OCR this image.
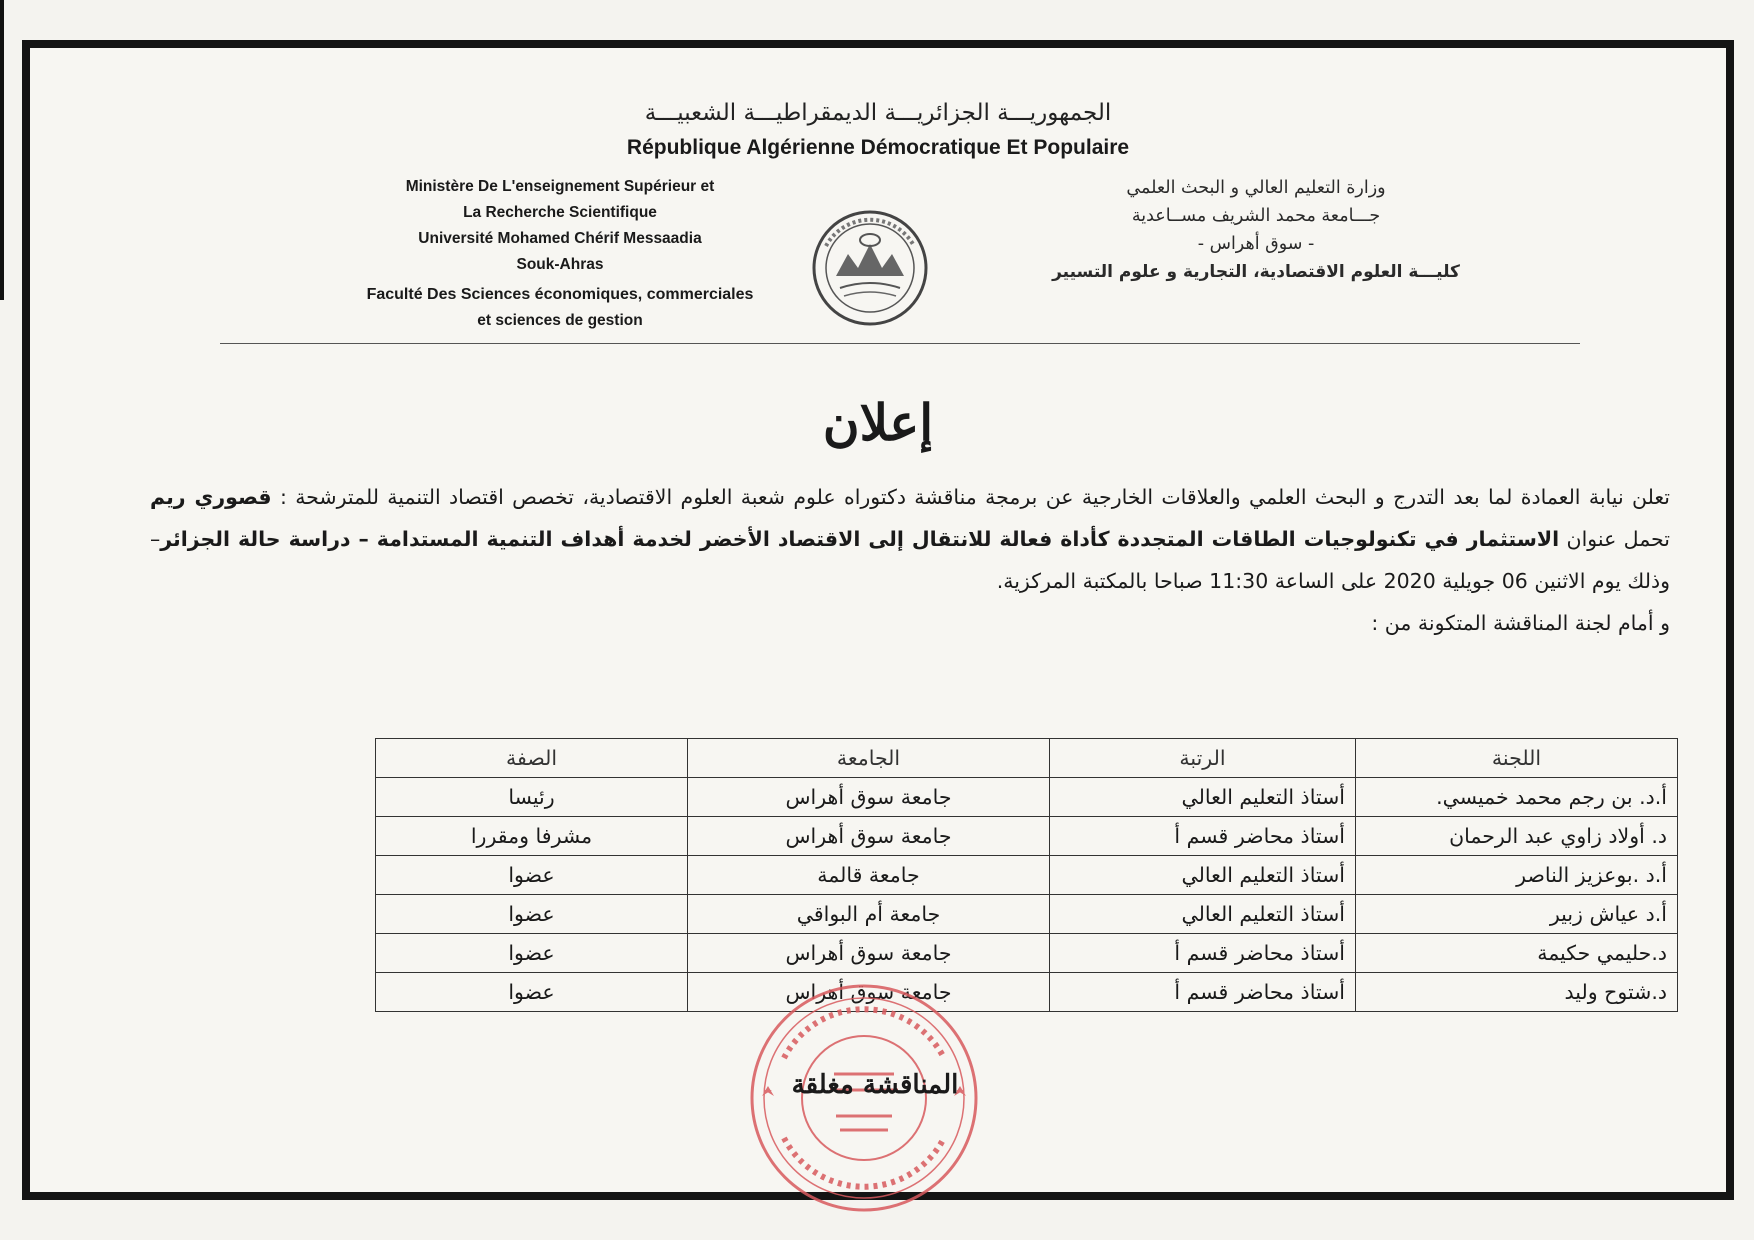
الجمهوريـــة الجزائريـــة الديمقراطيـــة الشعبيـــة
République Algérienne Démocratique Et Populaire
Ministère De L'enseignement Supérieur et
La Recherche Scientifique
Université Mohamed Chérif Messaadia
Souk-Ahras
Faculté Des Sciences économiques, commerciales
et sciences de gestion
وزارة التعليم العالي و البحث العلمي
جـــامعة محمد الشريف مســاعدية
- سوق أهراس -
كليـــة العلوم الاقتصادية، التجارية و علوم التسيير
إعلان

تعلن نيابة العمادة لما بعد التدرج و البحث العلمي والعلاقات الخارجية عن برمجة مناقشة دكتوراه علوم شعبة العلوم الاقتصادية، تخصص اقتصاد التنمية للمترشحة : قصوري ريم تحمل عنوان الاستثمار في تكنولوجيات الطاقات المتجددة كأداة فعالة للانتقال إلى الاقتصاد الأخضر لخدمة أهداف التنمية المستدامة – دراسة حالة الجزائر– وذلك يوم الاثنين 06 جويلية 2020 على الساعة 11:30 صباحا بالمكتبة المركزية.

و أمام لجنة المناقشة المتكونة من :

اللجنة	الرتبة	الجامعة	الصفة
أ.د. بن رجم محمد خميسي.	أستاذ التعليم العالي	جامعة سوق أهراس	رئيسا
د. أولاد زاوي عبد الرحمان	أستاذ محاضر قسم أ	جامعة سوق أهراس	مشرفا ومقررا
أ.د .بوعزيز الناصر	أستاذ التعليم العالي	جامعة قالمة	عضوا
أ.د عياش زبير	أستاذ التعليم العالي	جامعة أم البواقي	عضوا
د.حليمي حكيمة	أستاذ محاضر قسم أ	جامعة سوق أهراس	عضوا
د.شتوح وليد	أستاذ محاضر قسم أ	جامعة سوق أهراس	عضوا
المناقشة مغلقة
